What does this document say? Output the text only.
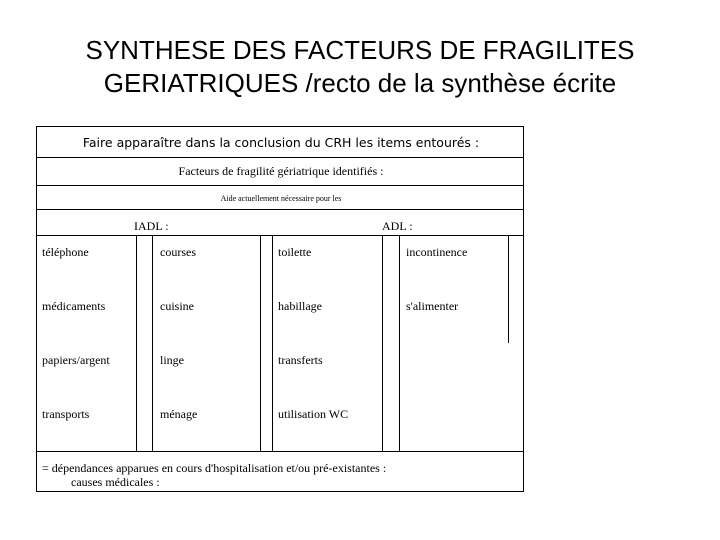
SYNTHESE DES FACTEURS DE FRAGILITES
GERIATRIQUES /recto de la synthèse écrite
Faire apparaître dans la conclusion du CRH les items entourés :
Facteurs de fragilité gériatrique identifiés :
Aide actuellement nécessaire pour les
IADL :	ADL :
téléphone	courses	toilette	incontinence
médicaments	cuisine	habillage	s'alimenter
papiers/argent	linge	transferts
transports	ménage	utilisation WC
= dépendances apparues en cours d'hospitalisation et/ou pré-existantes :
causes médicales :
